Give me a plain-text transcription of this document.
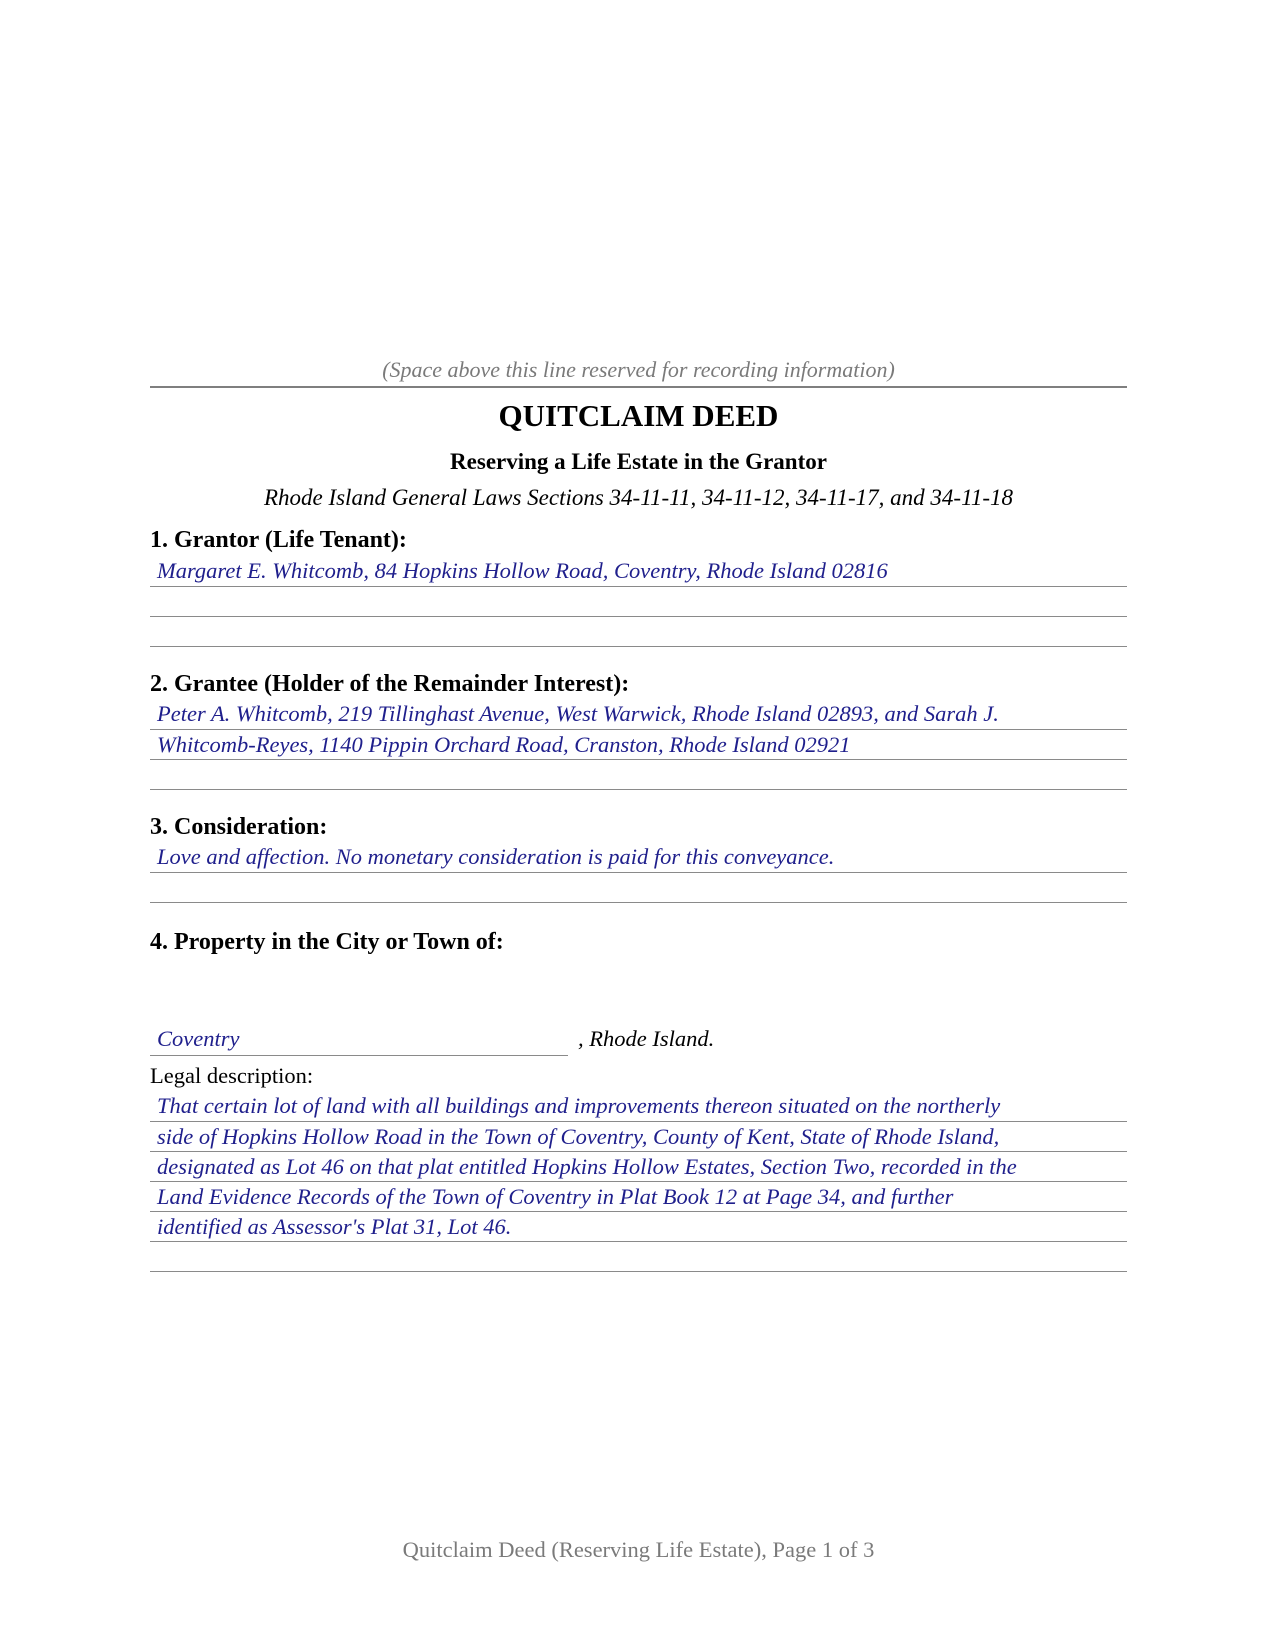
(Space above this line reserved for recording information)
QUITCLAIM DEED
Reserving a Life Estate in the Grantor
Rhode Island General Laws Sections 34-11-11, 34-11-12, 34-11-17, and 34-11-18
1. Grantor (Life Tenant):
Margaret E. Whitcomb, 84 Hopkins Hollow Road, Coventry, Rhode Island 02816
2. Grantee (Holder of the Remainder Interest):
Peter A. Whitcomb, 219 Tillinghast Avenue, West Warwick, Rhode Island 02893, and Sarah J.
Whitcomb-Reyes, 1140 Pippin Orchard Road, Cranston, Rhode Island 02921
3. Consideration:
Love and affection. No monetary consideration is paid for this conveyance.
4. Property in the City or Town of:
Coventry	, Rhode Island.
Legal description:
That certain lot of land with all buildings and improvements thereon situated on the northerly
side of Hopkins Hollow Road in the Town of Coventry, County of Kent, State of Rhode Island,
designated as Lot 46 on that plat entitled Hopkins Hollow Estates, Section Two, recorded in the
Land Evidence Records of the Town of Coventry in Plat Book 12 at Page 34, and further
identified as Assessor's Plat 31, Lot 46.
Quitclaim Deed (Reserving Life Estate), Page 1 of 3
